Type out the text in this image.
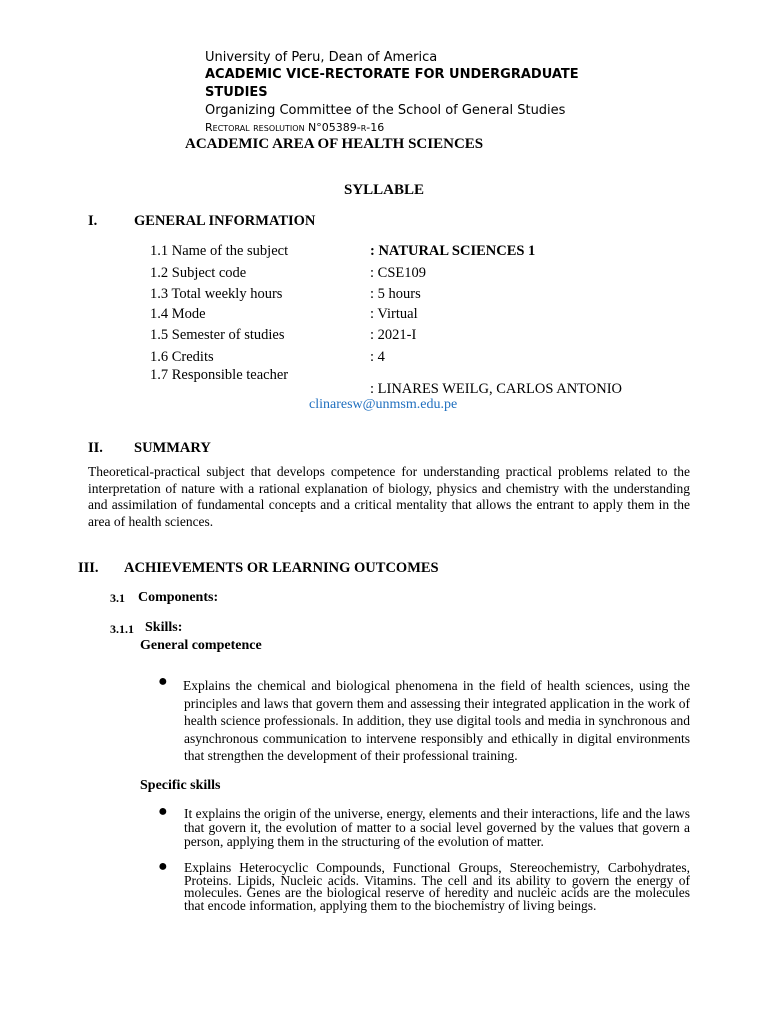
University of Peru, Dean of America
ACADEMIC VICE-RECTORATE FOR UNDERGRADUATE
STUDIES
Organizing Committee of the School of General Studies
Rectoral resolution N°05389-r-16
ACADEMIC AREA OF HEALTH SCIENCES
SYLLABLE
I.	GENERAL INFORMATION
1.1 Name of the subject	: NATURAL SCIENCES 1
1.2 Subject code	: CSE109
1.3 Total weekly hours	: 5 hours
1.4 Mode	: Virtual
1.5 Semester of studies	: 2021-I
1.6 Credits	: 4
1.7 Responsible teacher
: LINARES WEILG, CARLOS ANTONIO
clinaresw@unmsm.edu.pe
II. SUMMARY
Theoretical-practical subject that develops competence for understanding practical problems related to the interpretation of nature with a rational explanation of biology, physics and chemistry with the understanding and assimilation of fundamental concepts and a critical mentality that allows the entrant to apply them in the area of health sciences.
III. ACHIEVEMENTS OR LEARNING OUTCOMES
3.1 Components:
3.1.1 Skills:
General competence
● Explains the chemical and biological phenomena in the field of health sciences, using the principles and laws that govern them and assessing their integrated application in the work of health science professionals. In addition, they use digital tools and media in synchronous and asynchronous communication to intervene responsibly and ethically in digital environments that strengthen the development of their professional training.
Specific skills
● It explains the origin of the universe, energy, elements and their interactions, life and the laws that govern it, the evolution of matter to a social level governed by the values that govern a person, applying them in the structuring of the evolution of matter.
● Explains Heterocyclic Compounds, Functional Groups, Stereochemistry, Carbohydrates, Proteins. Lipids, Nucleic acids. Vitamins. The cell and its ability to govern the energy of molecules. Genes are the biological reserve of heredity and nucleic acids are the molecules that encode information, applying them to the biochemistry of living beings.
